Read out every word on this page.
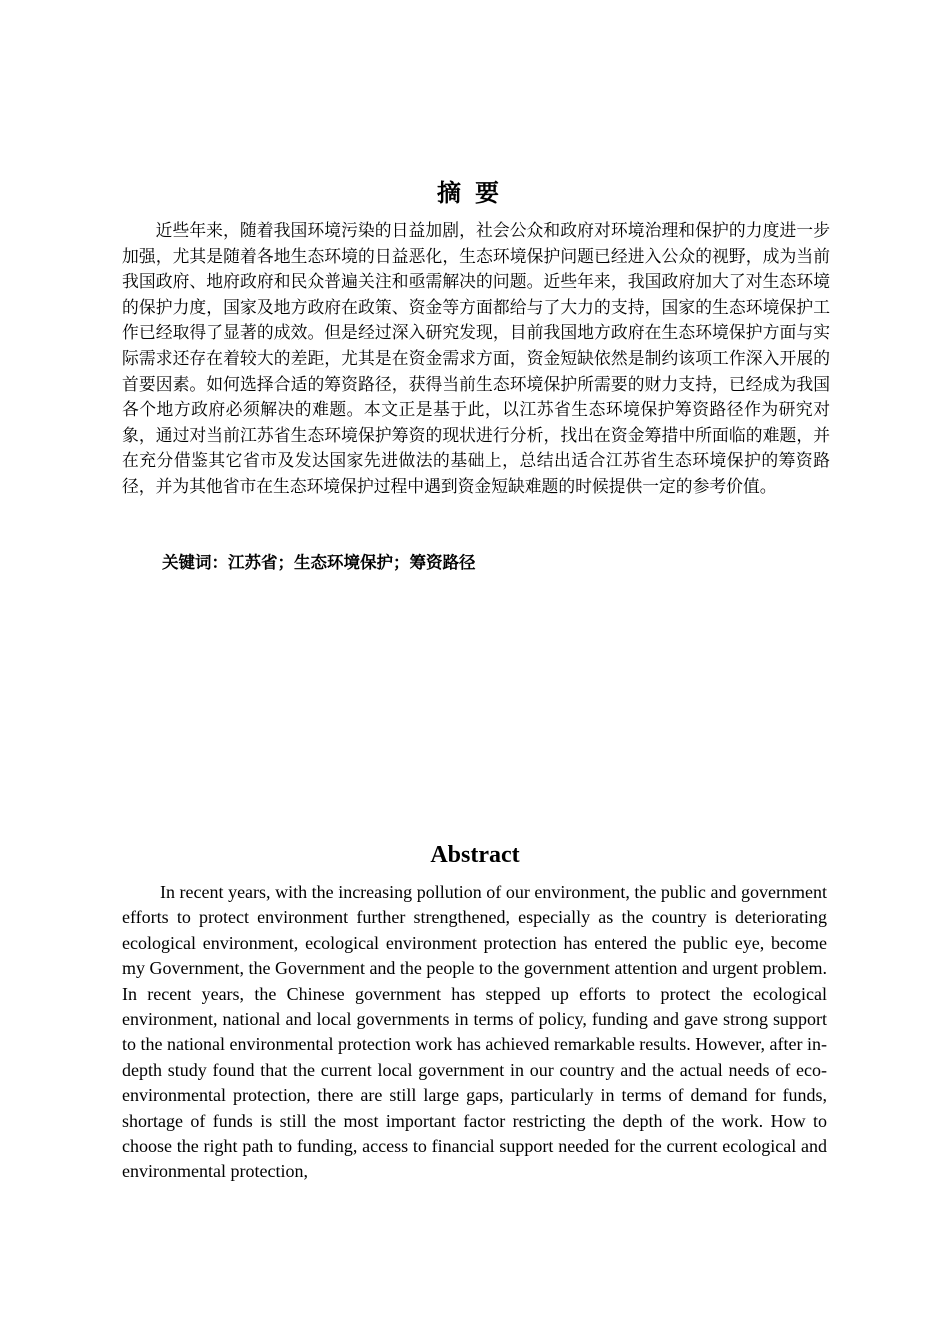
摘要

近些年来，随着我国环境污染的日益加剧，社会公众和政府对环境治理和保护的力度进一步加强，尤其是随着各地生态环境的日益恶化，生态环境保护问题已经进入公众的视野，成为当前我国政府、地府政府和民众普遍关注和亟需解决的问题。近些年来，我国政府加大了对生态环境的保护力度，国家及地方政府在政策、资金等方面都给与了大力的支持，国家的生态环境保护工作已经取得了显著的成效。但是经过深入研究发现，目前我国地方政府在生态环境保护方面与实际需求还存在着较大的差距，尤其是在资金需求方面，资金短缺依然是制约该项工作深入开展的首要因素。如何选择合适的筹资路径，获得当前生态环境保护所需要的财力支持，已经成为我国各个地方政府必须解决的难题。本文正是基于此，以江苏省生态环境保护筹资路径作为研究对象，通过对当前江苏省生态环境保护筹资的现状进行分析，找出在资金筹措中所面临的难题，并在充分借鉴其它省市及发达国家先进做法的基础上，总结出适合江苏省生态环境保护的筹资路径，并为其他省市在生态环境保护过程中遇到资金短缺难题的时候提供一定的参考价值。

关键词：江苏省；生态环境保护；筹资路径
Abstract

In recent years, with the increasing pollution of our environment, the public and government efforts to protect environment further strengthened, especially as the country is deteriorating ecological environment, ecological environment protection has entered the public eye, become my Government, the Government and the people to the government attention and urgent problem. In recent years, the Chinese government has stepped up efforts to protect the ecological environment, national and local governments in terms of policy, funding and gave strong support to the national environmental protection work has achieved remarkable results. However, after in-depth study found that the current local government in our country and the actual needs of eco-environmental protection, there are still large gaps, particularly in terms of demand for funds, shortage of funds is still the most important factor restricting the depth of the work. How to choose the right path to funding, access to financial support needed for the current ecological and environmental protection,
